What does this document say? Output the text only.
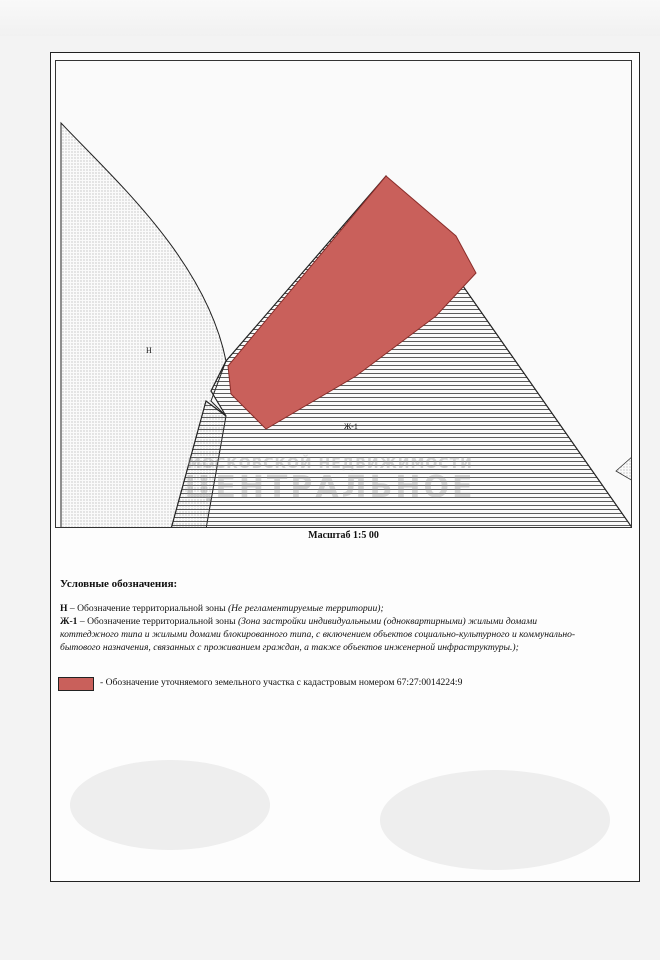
Н
Ж-1
МОСКОВСКОЙ НЕДВИЖИМОСТИ
ЦЕНТРАЛЬНОЕ
Масштаб 1:5 00
Условные обозначения:
Н – Обозначение территориальной зоны (Не регламентируемые территории);
Ж-1 – Обозначение территориальной зоны (Зона застройки индивидуальными (одноквартирными) жилыми домами коттеджного типа и жилыми домами блокированного типа, с включением объектов социально-культурного и коммунально-бытового назначения, связанных с проживанием граждан, а также объектов инженерной инфраструктуры.);
- Обозначение уточняемого земельного участка с кадастровым номером 67:27:0014224:9
